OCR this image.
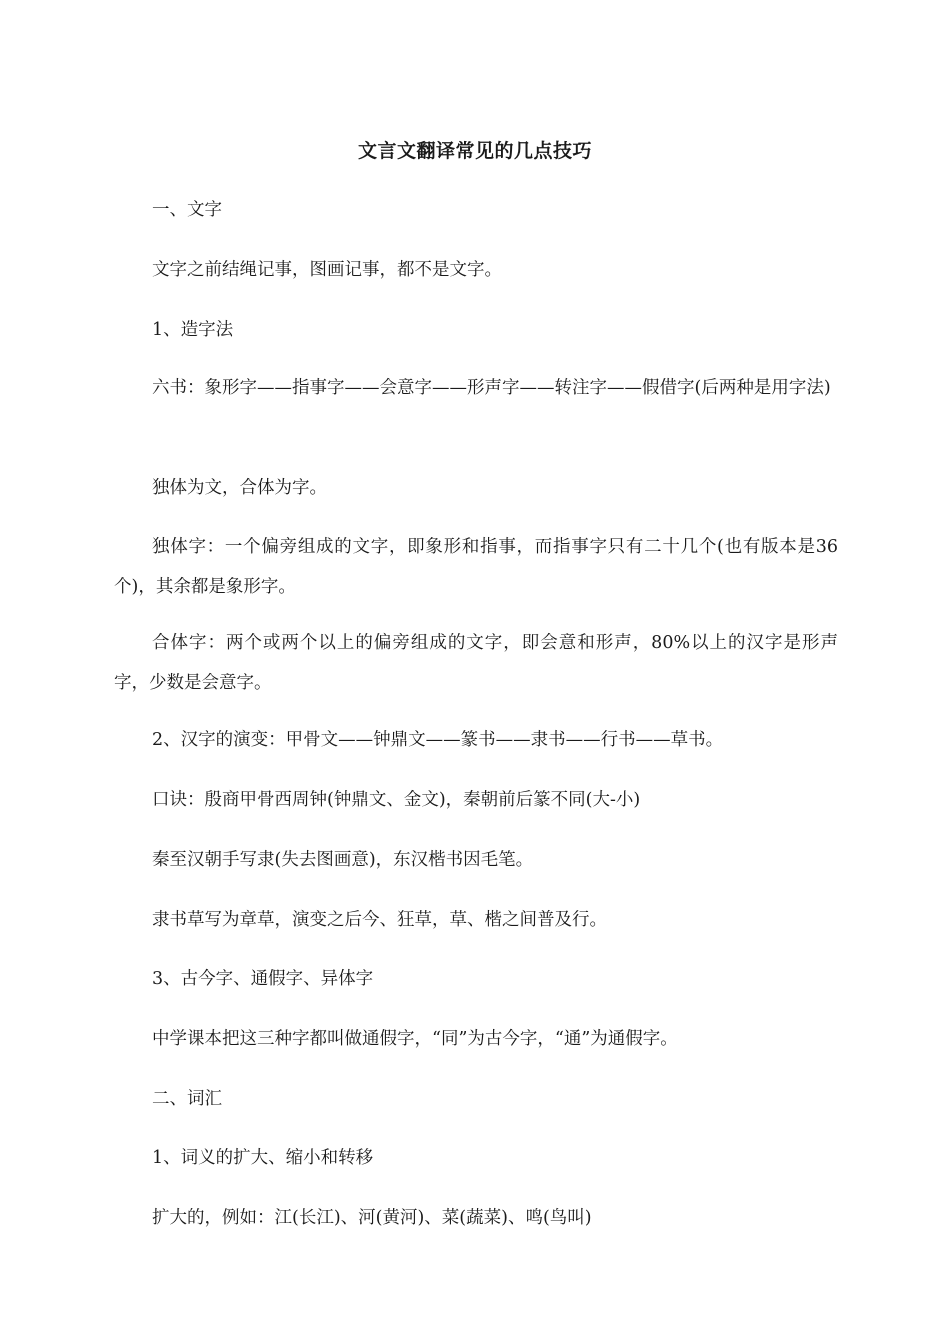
文言文翻译常见的几点技巧

一、文字

文字之前结绳记事，图画记事，都不是文字。

1、造字法

六书：象形字——指事字——会意字——形声字——转注字——假借字(后两种是用字法)

独体为文，合体为字。

独体字：一个偏旁组成的文字，即象形和指事，而指事字只有二十几个(也有版本是36个)，其余都是象形字。

合体字：两个或两个以上的偏旁组成的文字，即会意和形声，80%以上的汉字是形声字，少数是会意字。

2、汉字的演变：甲骨文——钟鼎文——篆书——隶书——行书——草书。

口诀：殷商甲骨西周钟(钟鼎文、金文)，秦朝前后篆不同(大-小)

秦至汉朝手写隶(失去图画意)，东汉楷书因毛笔。

隶书草写为章草，演变之后今、狂草，草、楷之间普及行。

3、古今字、通假字、异体字

中学课本把这三种字都叫做通假字，“同”为古今字，“通”为通假字。

二、词汇

1、词义的扩大、缩小和转移

扩大的，例如：江(长江)、河(黄河)、菜(蔬菜)、鸣(鸟叫)
